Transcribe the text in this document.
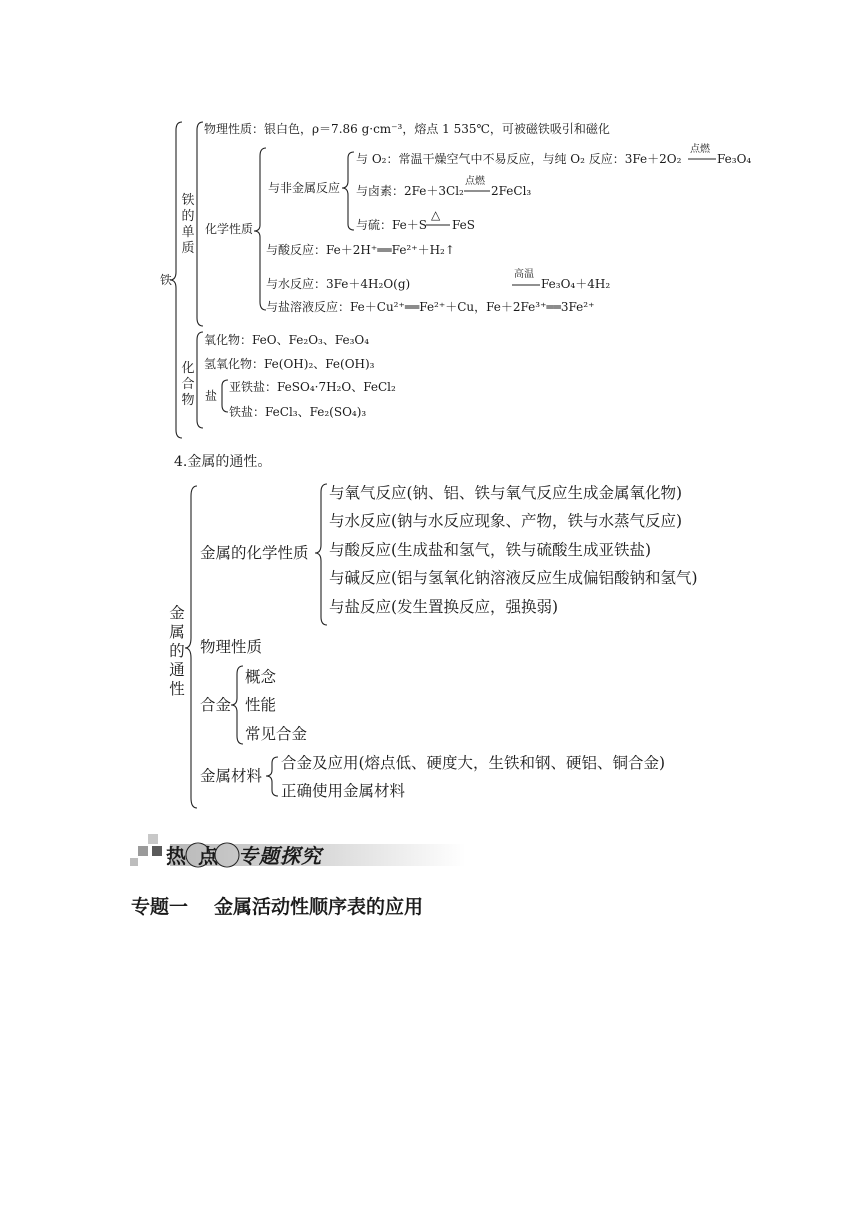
铁
铁
的
单
质
物理性质：银白色，ρ＝7.86 g·cm⁻³，熔点 1 535℃，可被磁铁吸引和磁化
化学性质
与非金属反应
与 O₂：常温干燥空气中不易反应，与纯 O₂ 反应：3Fe＋2O₂
点燃
Fe₃O₄
与卤素：2Fe＋3Cl₂
点燃
2FeCl₃
与硫：Fe＋S
△
FeS
与酸反应：Fe＋2H⁺══Fe²⁺＋H₂↑
与水反应：3Fe＋4H₂O(g)
高温
Fe₃O₄＋4H₂
与盐溶液反应：Fe＋Cu²⁺══Fe²⁺＋Cu，Fe＋2Fe³⁺══3Fe²⁺
化
合
物
氧化物：FeO、Fe₂O₃、Fe₃O₄
氢氧化物：Fe(OH)₂、Fe(OH)₃
盐
亚铁盐：FeSO₄·7H₂O、FeCl₂
铁盐：FeCl₃、Fe₂(SO₄)₃
4.金属的通性。
金
属
的
通
性
金属的化学性质
与氧气反应(钠、铝、铁与氧气反应生成金属氧化物)
与水反应(钠与水反应现象、产物，铁与水蒸气反应)
与酸反应(生成盐和氢气，铁与硫酸生成亚铁盐)
与碱反应(铝与氢氧化钠溶液反应生成偏铝酸钠和氢气)
与盐反应(发生置换反应，强换弱)
物理性质
合金
概念
性能
常见合金
金属材料
合金及应用(熔点低、硬度大，生铁和钢、硬铝、铜合金)
正确使用金属材料
热点 专题探究
专题一 金属活动性顺序表的应用
